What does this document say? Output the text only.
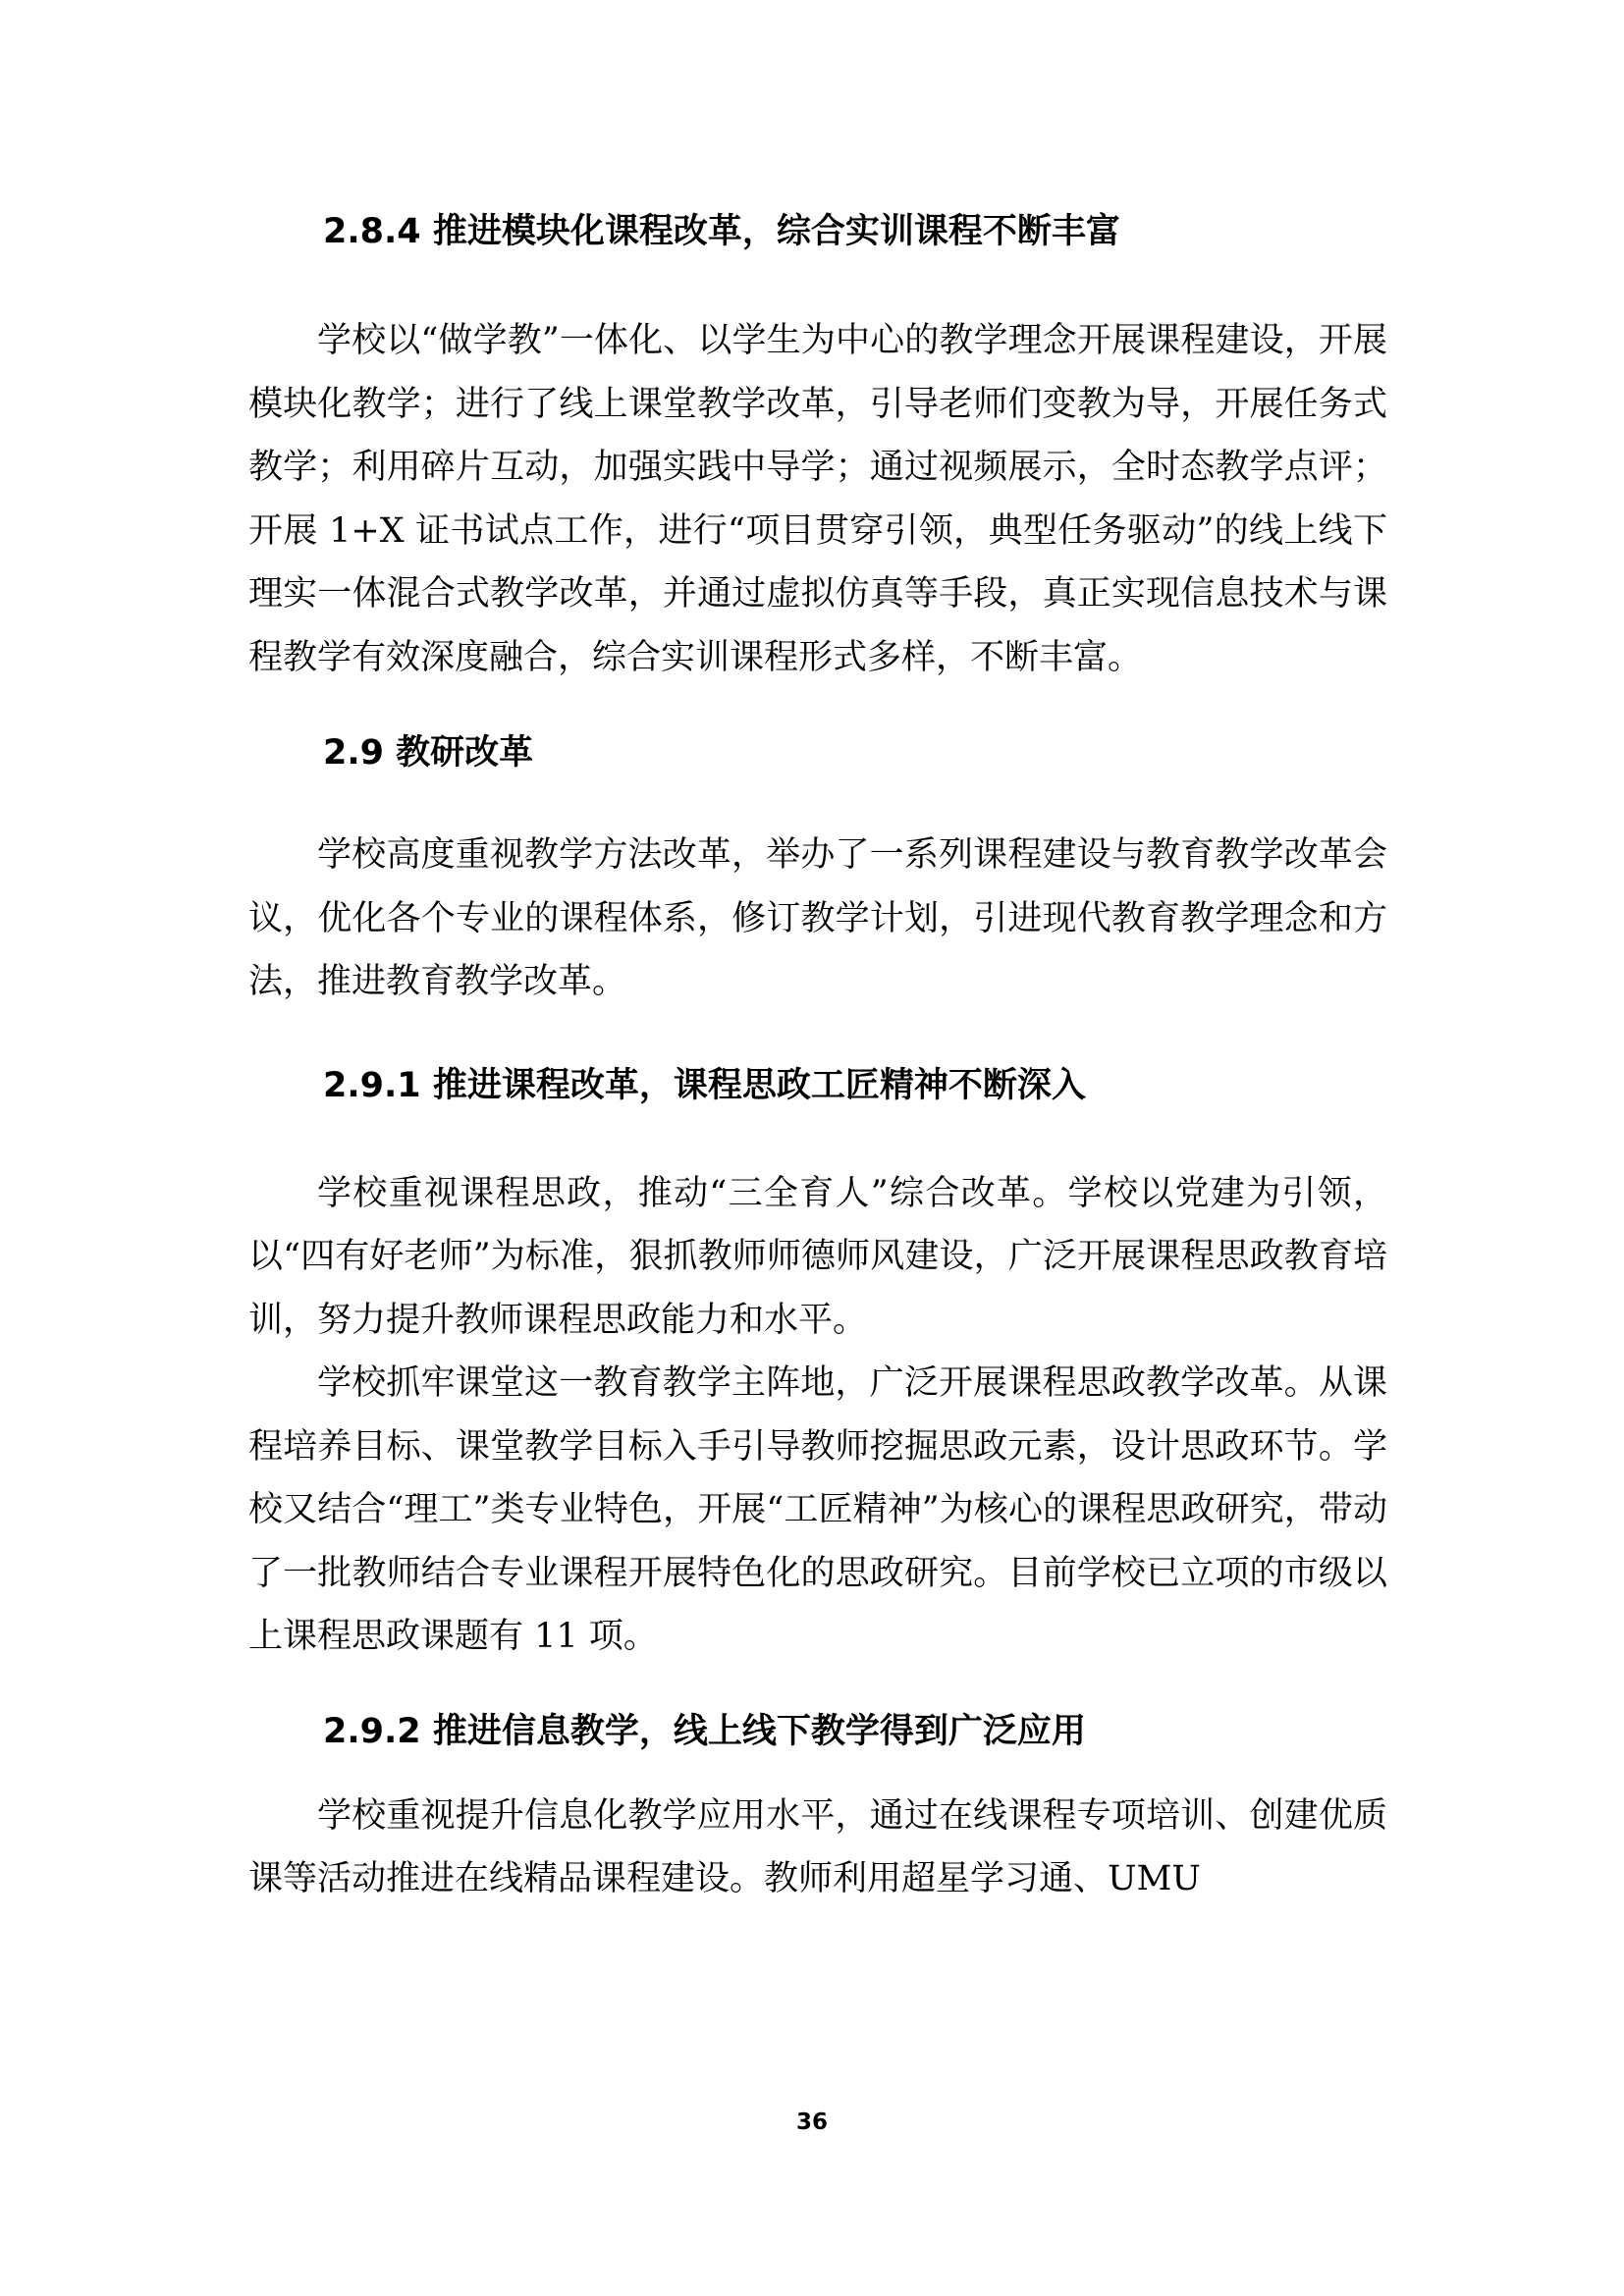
2.8.4 推进模块化课程改革，综合实训课程不断丰富

学校以“做学教”一体化、以学生为中心的教学理念开展课程建设，开展模块化教学；进行了线上课堂教学改革，引导老师们变教为导，开展任务式教学；利用碎片互动，加强实践中导学；通过视频展示，全时态教学点评；开展 1+X 证书试点工作，进行“项目贯穿引领，典型任务驱动”的线上线下理实一体混合式教学改革，并通过虚拟仿真等手段，真正实现信息技术与课程教学有效深度融合，综合实训课程形式多样，不断丰富。

2.9 教研改革

学校高度重视教学方法改革，举办了一系列课程建设与教育教学改革会议，优化各个专业的课程体系，修订教学计划，引进现代教育教学理念和方法，推进教育教学改革。

2.9.1 推进课程改革，课程思政工匠精神不断深入

学校重视课程思政，推动“三全育人”综合改革。学校以党建为引领，以“四有好老师”为标准，狠抓教师师德师风建设，广泛开展课程思政教育培训，努力提升教师课程思政能力和水平。

学校抓牢课堂这一教育教学主阵地，广泛开展课程思政教学改革。从课程培养目标、课堂教学目标入手引导教师挖掘思政元素，设计思政环节。学校又结合“理工”类专业特色，开展“工匠精神”为核心的课程思政研究，带动了一批教师结合专业课程开展特色化的思政研究。目前学校已立项的市级以上课程思政课题有 11 项。

2.9.2 推进信息教学，线上线下教学得到广泛应用

学校重视提升信息化教学应用水平，通过在线课程专项培训、创建优质课等活动推进在线精品课程建设。教师利用超星学习通、UMU

36
